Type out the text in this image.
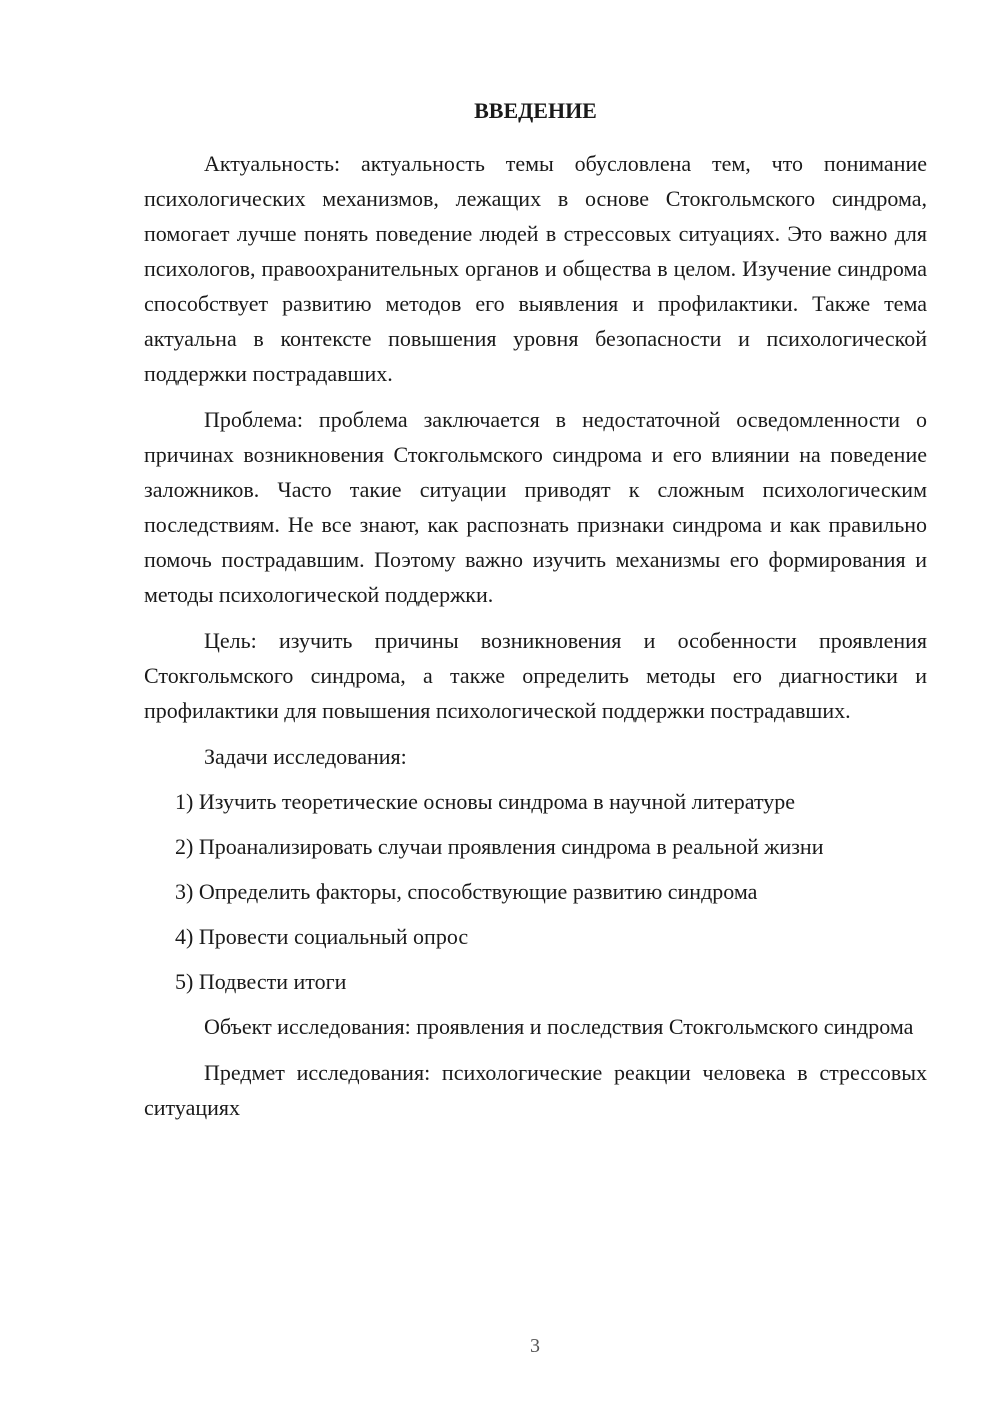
ВВЕДЕНИЕ

Актуальность: актуальность темы обусловлена тем, что понимание психологических механизмов, лежащих в основе Стокгольмского синдрома, помогает лучше понять поведение людей в стрессовых ситуациях. Это важно для психологов, правоохранительных органов и общества в целом. Изучение синдрома способствует развитию методов его выявления и профилактики. Также тема актуальна в контексте повышения уровня безопасности и психологической поддержки пострадавших.

Проблема: проблема заключается в недостаточной осведомленности о причинах возникновения Стокгольмского синдрома и его влиянии на поведение заложников. Часто такие ситуации приводят к сложным психологическим последствиям. Не все знают, как распознать признаки синдрома и как правильно помочь пострадавшим. Поэтому важно изучить механизмы его формирования и методы психологической поддержки.

Цель: изучить причины возникновения и особенности проявления Стокгольмского синдрома, а также определить методы его диагностики и профилактики для повышения психологической поддержки пострадавших.

Задачи исследования:
1) Изучить теоретические основы синдрома в научной литературе
2) Проанализировать случаи проявления синдрома в реальной жизни
3) Определить факторы, способствующие развитию синдрома
4) Провести социальный опрос
5) Подвести итоги

Объект исследования: проявления и последствия Стокгольмского синдрома

Предмет исследования: психологические реакции человека в стрессовых ситуациях

3
